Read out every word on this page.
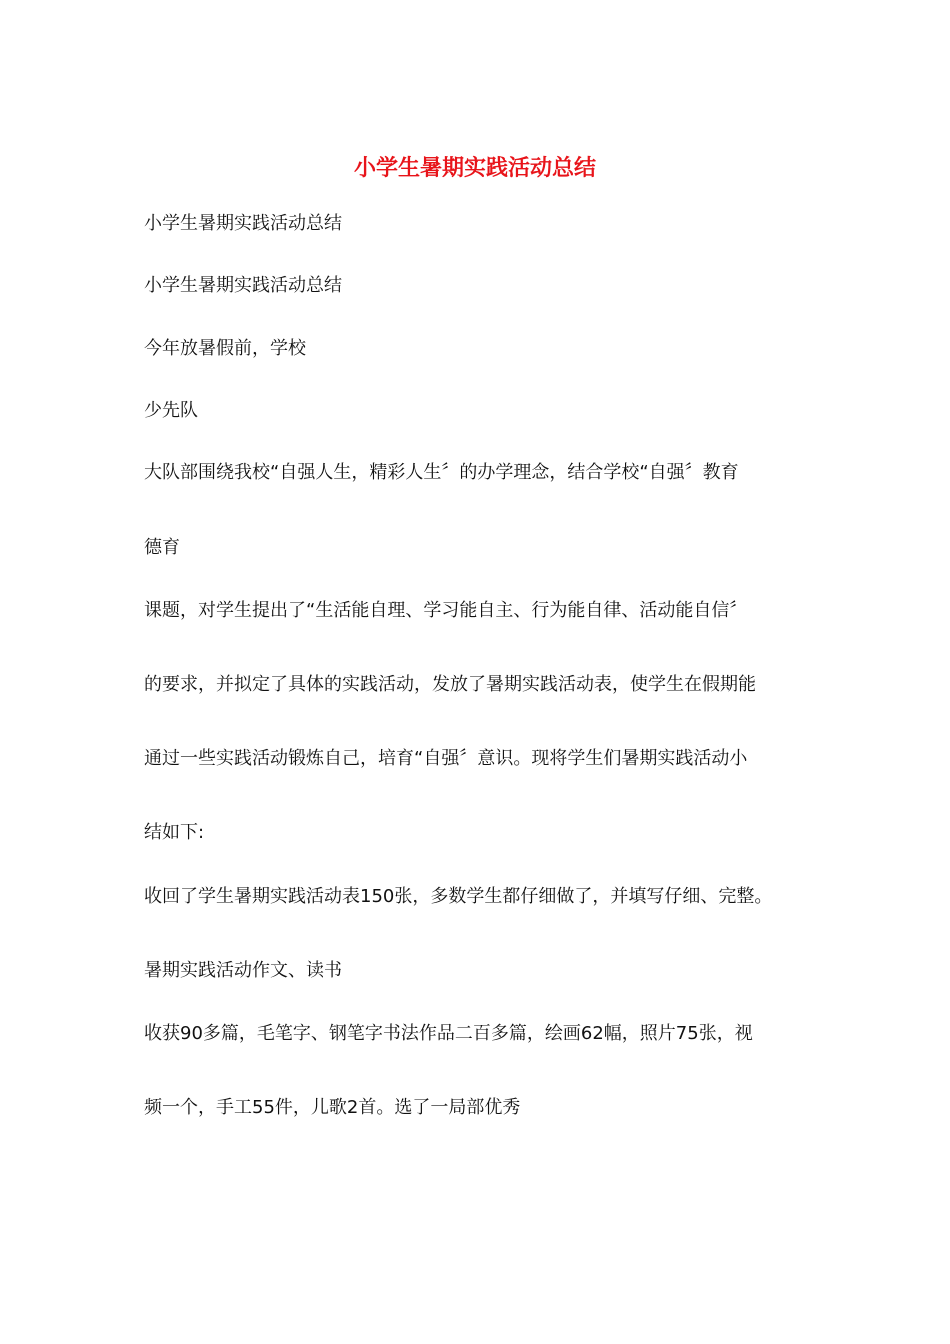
小学生暑期实践活动总结
小学生暑期实践活动总结
小学生暑期实践活动总结
今年放暑假前，学校
少先队
大队部围绕我校“自强人生，精彩人生〞的办学理念，结合学校“自强〞教育
德育
课题，对学生提出了“生活能自理、学习能自主、行为能自律、活动能自信〞
的要求，并拟定了具体的实践活动，发放了暑期实践活动表，使学生在假期能
通过一些实践活动锻炼自己，培育“自强〞意识。现将学生们暑期实践活动小
结如下:
收回了学生暑期实践活动表150张，多数学生都仔细做了，并填写仔细、完整。
暑期实践活动作文、读书
收获90多篇，毛笔字、钢笔字书法作品二百多篇，绘画62幅，照片75张，视
频一个，手工55件，儿歌2首。选了一局部优秀
